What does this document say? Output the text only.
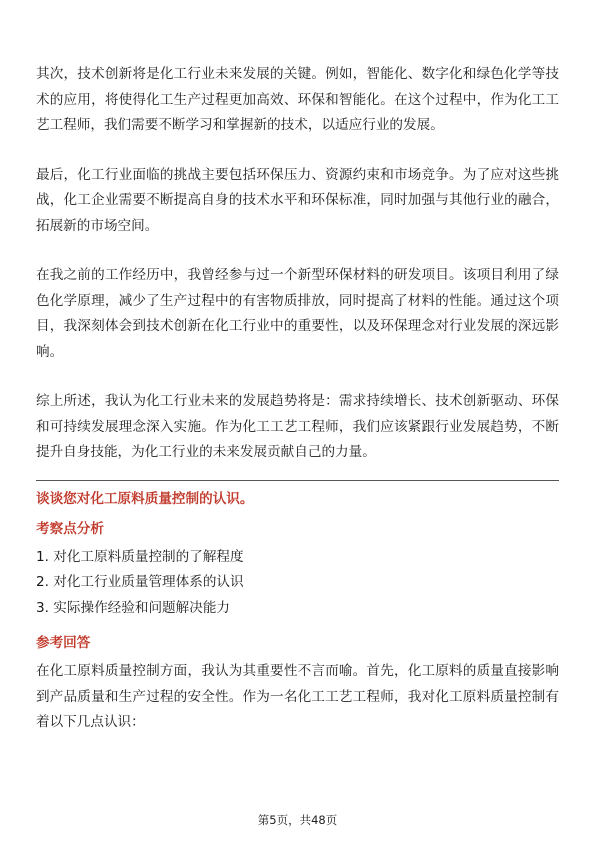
其次，技术创新将是化工行业未来发展的关键。例如，智能化、数字化和绿色化学等技术的应用，将使得化工生产过程更加高效、环保和智能化。在这个过程中，作为化工工艺工程师，我们需要不断学习和掌握新的技术，以适应行业的发展。

最后，化工行业面临的挑战主要包括环保压力、资源约束和市场竞争。为了应对这些挑战，化工企业需要不断提高自身的技术水平和环保标准，同时加强与其他行业的融合，拓展新的市场空间。

在我之前的工作经历中，我曾经参与过一个新型环保材料的研发项目。该项目利用了绿色化学原理，减少了生产过程中的有害物质排放，同时提高了材料的性能。通过这个项目，我深刻体会到技术创新在化工行业中的重要性，以及环保理念对行业发展的深远影响。

综上所述，我认为化工行业未来的发展趋势将是：需求持续增长、技术创新驱动、环保和可持续发展理念深入实施。作为化工工艺工程师，我们应该紧跟行业发展趋势，不断提升自身技能，为化工行业的未来发展贡献自己的力量。

谈谈您对化工原料质量控制的认识。
考察点分析
1. 对化工原料质量控制的了解程度
2. 对化工行业质量管理体系的认识
3. 实际操作经验和问题解决能力
参考回答

在化工原料质量控制方面，我认为其重要性不言而喻。首先，化工原料的质量直接影响到产品质量和生产过程的安全性。作为一名化工工艺工程师，我对化工原料质量控制有着以下几点认识：

第5页，共48页
